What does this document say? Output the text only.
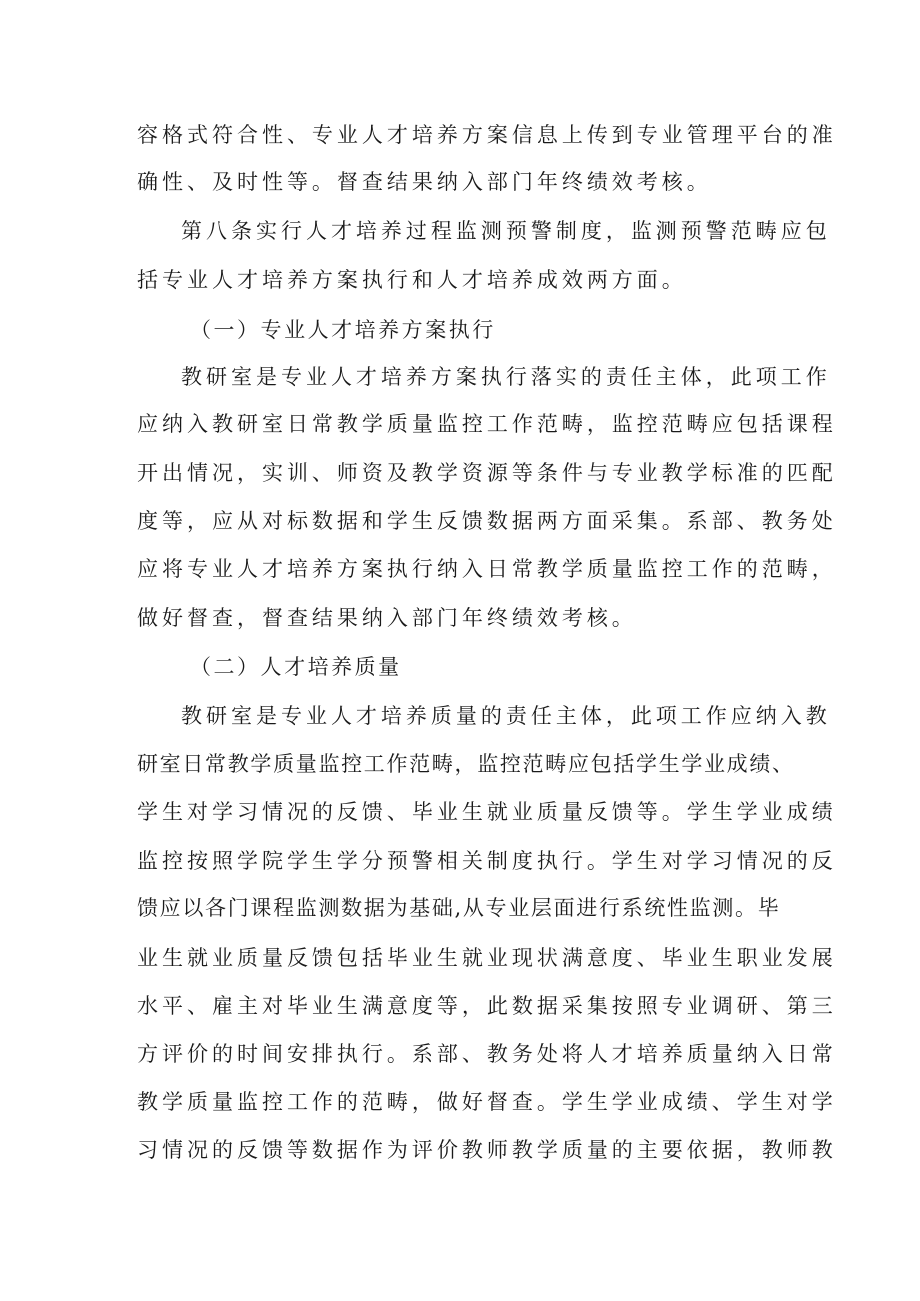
容格式符合性、专业人才培养方案信息上传到专业管理平台的准
确性、及时性等。督查结果纳入部门年终绩效考核。
第八条实行人才培养过程监测预警制度，监测预警范畴应包
括专业人才培养方案执行和人才培养成效两方面。
（一）专业人才培养方案执行
教研室是专业人才培养方案执行落实的责任主体，此项工作
应纳入教研室日常教学质量监控工作范畴，监控范畴应包括课程
开出情况，实训、师资及教学资源等条件与专业教学标准的匹配
度等，应从对标数据和学生反馈数据两方面采集。系部、教务处
应将专业人才培养方案执行纳入日常教学质量监控工作的范畴，
做好督查，督查结果纳入部门年终绩效考核。
（二）人才培养质量
教研室是专业人才培养质量的责任主体，此项工作应纳入教
研室日常教学质量监控工作范畴，监控范畴应包括学生学业成绩、
学生对学习情况的反馈、毕业生就业质量反馈等。学生学业成绩
监控按照学院学生学分预警相关制度执行。学生对学习情况的反
馈应以各门课程监测数据为基础,从专业层面进行系统性监测。毕
业生就业质量反馈包括毕业生就业现状满意度、毕业生职业发展
水平、雇主对毕业生满意度等，此数据采集按照专业调研、第三
方评价的时间安排执行。系部、教务处将人才培养质量纳入日常
教学质量监控工作的范畴，做好督查。学生学业成绩、学生对学
习情况的反馈等数据作为评价教师教学质量的主要依据，教师教
